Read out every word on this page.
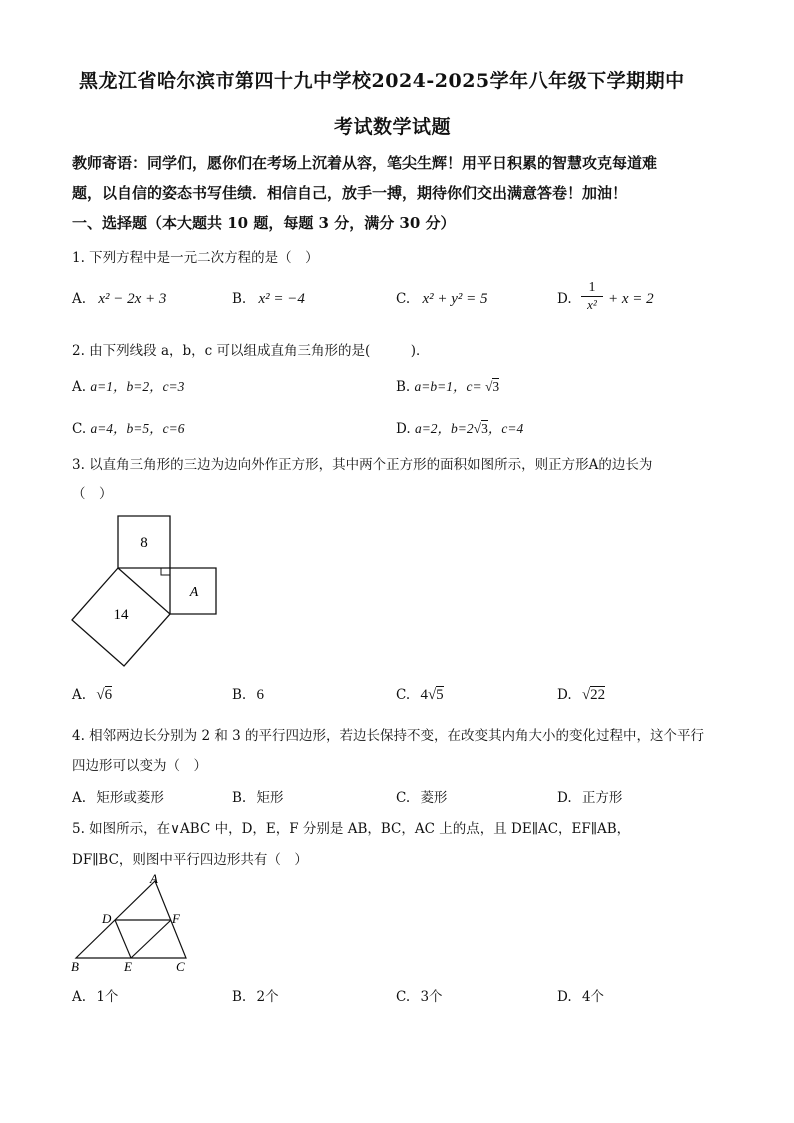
黑龙江省哈尔滨市第四十九中学校2024-2025学年八年级下学期期中
考试数学试题
教师寄语：同学们，愿你们在考场上沉着从容，笔尖生辉！用平日积累的智慧攻克每道难
题，以自信的姿态书写佳绩．相信自己，放手一搏，期待你们交出满意答卷！加油！
一、选择题（本大题共 10 题，每题 3 分，满分 30 分）
1. 下列方程中是一元二次方程的是（　）
A. x² − 2x + 3	B. x² = −4	C. x² + y² = 5	D.
1
x² + x = 2
2. 由下列线段 a，b，c 可以组成直角三角形的是(　　　)．
A. a=1，b=2，c=3	B. a=b=1，c= √3
C. a=4，b=5，c=6	D. a=2，b=2√3，c=4
3. 以直角三角形的三边为边向外作正方形，其中两个正方形的面积如图所示，则正方形A的边长为
（　）
8
A
14
A. √6	B. 6	C. 4√5	D. √22
4. 相邻两边长分别为 2 和 3 的平行四边形，若边长保持不变，在改变其内角大小的变化过程中，这个平行
四边形可以变为（　）
A. 矩形或菱形	B. 矩形	C. 菱形	D. 正方形
5. 如图所示，在∨ABC 中，D，E，F 分别是 AB，BC，AC 上的点，且 DE∥AC，EF∥AB，
DF∥BC，则图中平行四边形共有（　）
A
D	F
B	E	C
A. 1个	B. 2个	C. 3个	D. 4个
